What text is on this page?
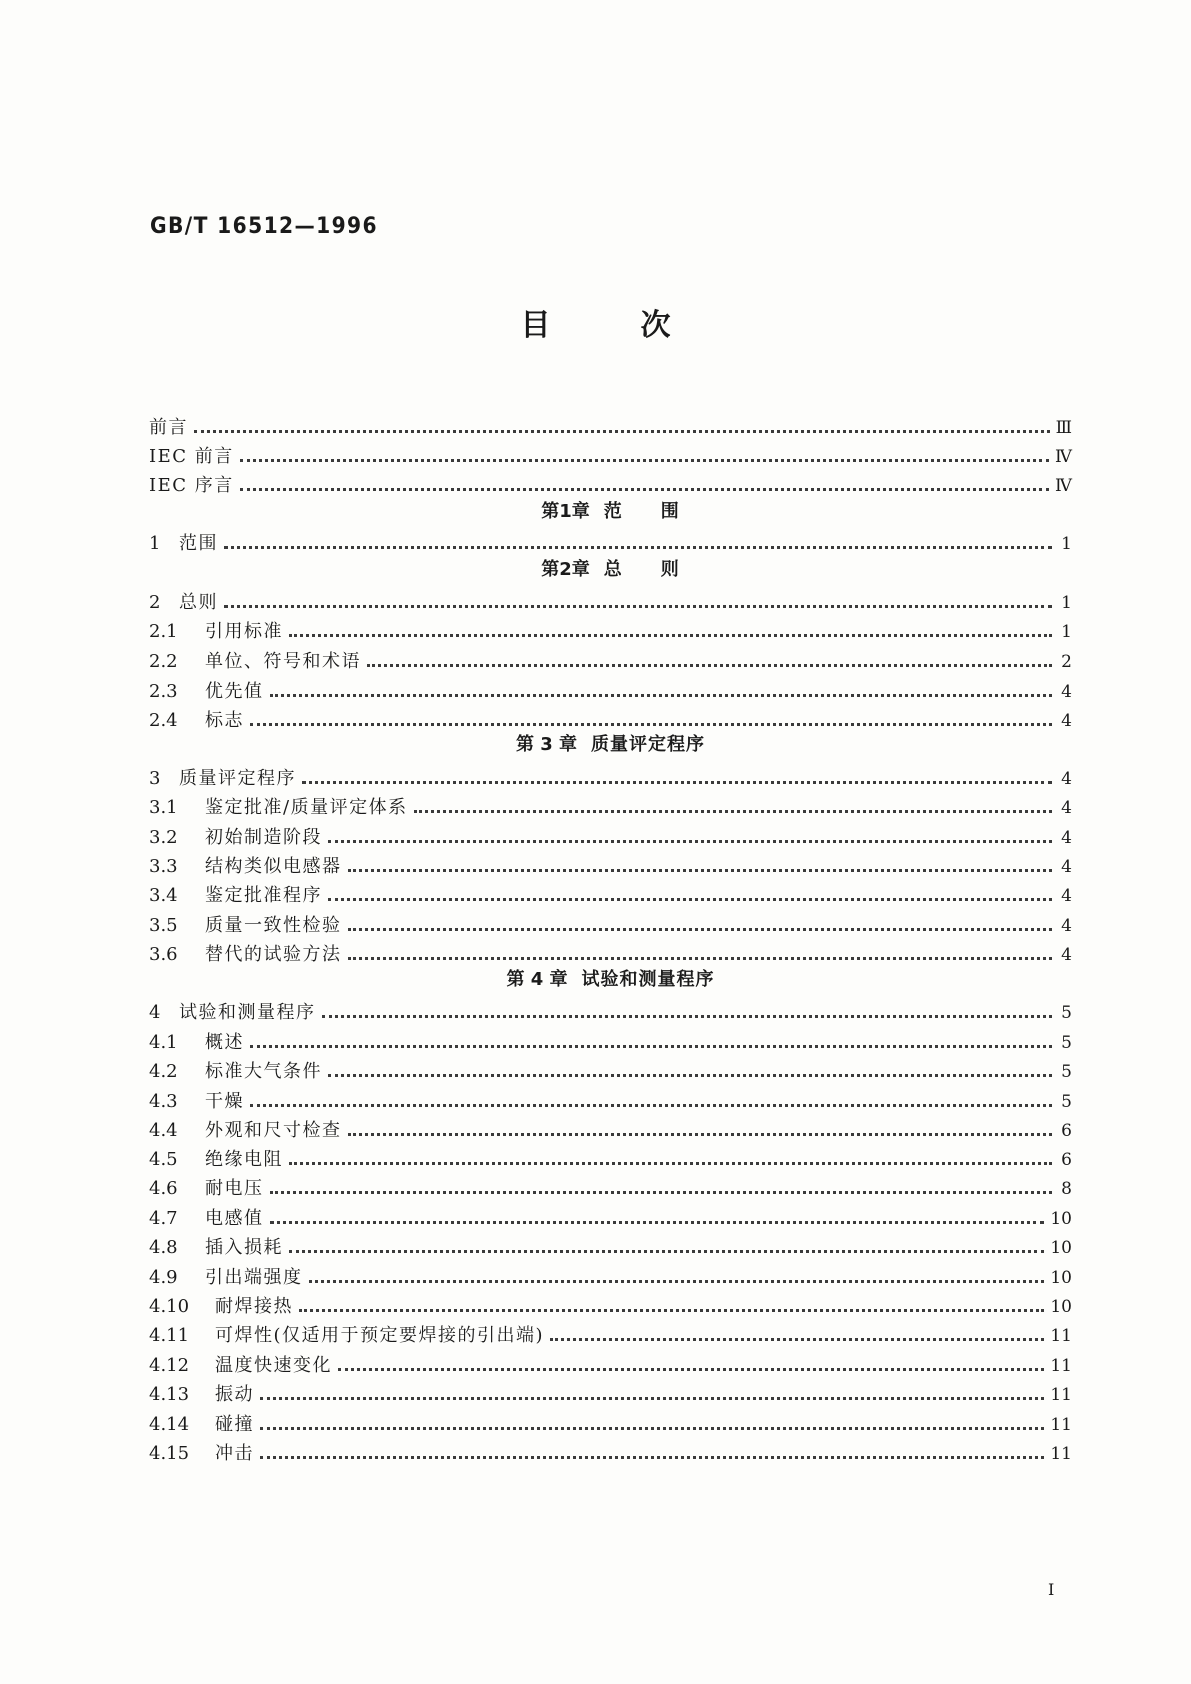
GB/T 16512—1996
目　　　次
前言	Ⅲ
IEC 前言	Ⅳ
IEC 序言	Ⅳ
第1章 范　　围
1	范围	1
第2章 总　　则
2	总则	1
2.1	引用标准	1
2.2	单位、符号和术语	2
2.3	优先值	4
2.4	标志	4
第 3 章 质量评定程序
3	质量评定程序	4
3.1	鉴定批准/质量评定体系	4
3.2	初始制造阶段	4
3.3	结构类似电感器	4
3.4	鉴定批准程序	4
3.5	质量一致性检验	4
3.6	替代的试验方法	4
第 4 章 试验和测量程序
4	试验和测量程序	5
4.1	概述	5
4.2	标准大气条件	5
4.3	干燥	5
4.4	外观和尺寸检查	6
4.5	绝缘电阻	6
4.6	耐电压	8
4.7	电感值	10
4.8	插入损耗	10
4.9	引出端强度	10
4.10	耐焊接热	10
4.11	可焊性(仅适用于预定要焊接的引出端)	11
4.12	温度快速变化	11
4.13	振动	11
4.14	碰撞	11
4.15	冲击	11
I
